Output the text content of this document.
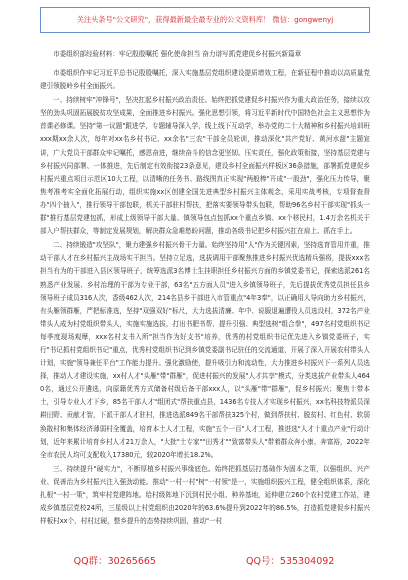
关注头条号"公文研究"，获得最新最全最专业的公文资料库！ 微信：gongwenyj

市委组织部经验材料：牢记殷殷嘱托 强化使命担当 奋力谱写抓党建促乡村振兴新篇章

市委组织作牢记习近平总书记殷殷嘱托，深入实施基层党组织建设提质增效工程，在新征程中推动以高质量党建引领脱岭乡村全面振兴。

一、持续树牢"冲锋号"，坚决扛起乡村振兴政治责任。始终把抓党建促乡村振兴作为重大政治任务，接续以攻坚的劲头巩固拓展脱贫攻坚成果，全面推进乡村振兴。强化思想引领，将习近平新时代中国特色社会主义思想作为首课必修课。坚持"第一议题"跟进学，专题辅导深入学，线上线下互动学，举办党的二十大精神和乡村振兴培训班xxx期xx余人次，每年对xx名乡村书记、xx余名"三农"干部全员轮训，推动深化"共产党好、黄河水甜"主题宣讲，广大党员干部群众牢记嘱托，感恩奋进，继续奋斗的信念更坚韧。压实责任，强化政策衔接，坚持基层党建与乡村振兴同部署、一体推进，先后制定有效衔接23条意见，建设乡村全面振兴样板区36条措施，部署抓党建促乡村振兴重点项目示范区10大工程，以清晰的任务书、路线图真正实现"两般棒"开成"一股劲"，强化压力传导，聚焦考准考实全面化拓展行动，组织实施xx区创建全国先进典型乡村振兴主体观念，采用实战考核，专项督查督办"四个抽入"，推行领导干部包联，机关干部驻村帮扶，把落实要领导带头包联，帮助96名乡村干部实现"抓头一群"推行基层党建包抓，形成上级领导干部大量、镇领导包点包抓xx个重点乡镇、xx个移民村，1.4万余名机关干部入户帮扶群众，等制定发展规划，解决群众急难愁盼问题，推动各级书记把乡村振兴扛在肩上、抓在手上。

二、持续锻造"攻坚队"，聚力建强乡村振兴骨干力量。始终坚持用"人"作为关键因素，坚持选育管用并重，推动干部人才在乡村振兴主战场实干担当。坚持立足选，选拔调用干部聚焦推进乡村振兴优选精兵强将，提拔xxx名担当有为的干部进入县区领导班子，统筹选派3名博士生挂职担任乡村振兴方面的乡镇党委书记，探索选派261名熟悉产业发展、乡村治理的干部为专业干部，63名"五方面人员"进入乡镇领导班子，先后提拔优秀党员担任县乡领导班子成员316人次，香级462人次，214名县乡干部进入市管重点"4年3奉"，以正确用人导向助力乡村振兴，有头雁领群雁，严把标准选，坚持"双强双好"标尺，大力选拔清廉、年中、说服退遍遭役人员选设村，372名产业带头人成为村党组织带头人，实施实施选拔，打出书肥书帮、提升引强、典型选树"组合拳"，497名村党组织书记每季度现场观摩，xxx名村支书入所"担当作为好支书"培养，优秀的村党组织书记优先进入乡镇党委班子，实行"书记抓村党组织书记"重点，优秀村党组织书记到乡镇党委副书记驻任的交流通道，开展了深入开展农村带头人计划，实施"领导兼任平台"工作能力提升。强化激励使，提升吸引力和流动性，大力推进乡村振兴下一系列人员选择，推动人才建设实施，xx村人才"头雁"带"群雁"，促进村振兴的发展"人才共享"模式，分类选拔产业带头人4640名，通过公开遴选，向原籍优秀方式储备村级后备干部xxx人，以"头雁"带"群雁"，促乡村振兴；聚焦十带本土，引导专业人才下乡，85名干部人才"组团式"帮扶重点县，1436名专技人才实现乡村振兴，xx名科技特派员深耕田野、贡献才智，下派干部人才驻村，推进选派849名干部帮扶325个村，做到帮扶村、脱贫村、红色村、软弱涣散村和集体经济薄弱村全覆盖，培育本土人才工程，实施"五个一百"人才工程，推进选"人才十重点产业"行动计划，近年来累计培育乡村人才21万余人，"大批"土专家""田秀才""致富带头人"带着群众奔小康、奔富裕，2022年全市农民人均可支配收入17380元，较2020年增长18.2%。

三、持续提升"硬实力"，不断厚植乡村振兴事缘底色。始终把抓基层打基础作为固本之策，以强组织、兴产业、促善治为乡村振兴注入强劲动能。推动"一村一村"树"一村领"是一，实施组织振兴工程，健全组织体系，深化扎根"一村一策"，筑牢村党建阵地。给村级阵地下沉到村民小组、种养基地，延伸建立260个农村党建工作站，建成乡镇基层党校24所，三星级以上村党组织由2020年的63.6%提升到2022年的86.5%，打造抓党建促乡村振兴样板村xx个，村村过硬，整乡提升的态势持续巩固，推动"一村

QQ群：30265665	QQ号：535304092
